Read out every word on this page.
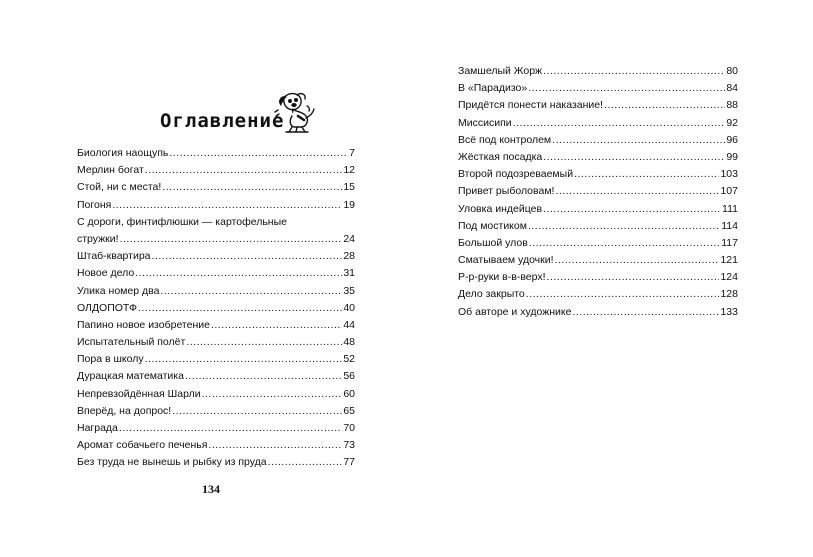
Оглавление
Биология наощупь .....	7
Мерлин богат .....	12
Стой, ни с места! .....	15
Погоня .....	19
С дороги, финтифлюшки — картофельные
стружки! .....	24
Штаб-квартира .....	28
Новое дело .....	31
Улика номер два .....	35
ОЛДОПОТФ .....	40
Папино новое изобретение .....	44
Испытательный полёт .....	48
Пора в школу .....	52
Дурацкая математика .....	56
Непревзойдённая Шарли .....	60
Вперёд, на допрос! .....	65
Награда .....	70
Аромат собачьего печенья .....	73
Без труда не вынешь и рыбку из пруда .....	77
Замшелый Жорж .....	80
В «Парадизо» .....	84
Придётся понести наказание! .....	88
Миссисипи .....	92
Всё под контролем .....	96
Жёсткая посадка .....	99
Второй подозреваемый .....	103
Привет рыболовам! .....	107
Уловка индейцев .....	111
Под мостиком .....	114
Большой улов .....	117
Сматываем удочки! .....	121
Р-р-руки в-в-верх! .....	124
Дело закрыто .....	128
Об авторе и художнике .....	133
134
